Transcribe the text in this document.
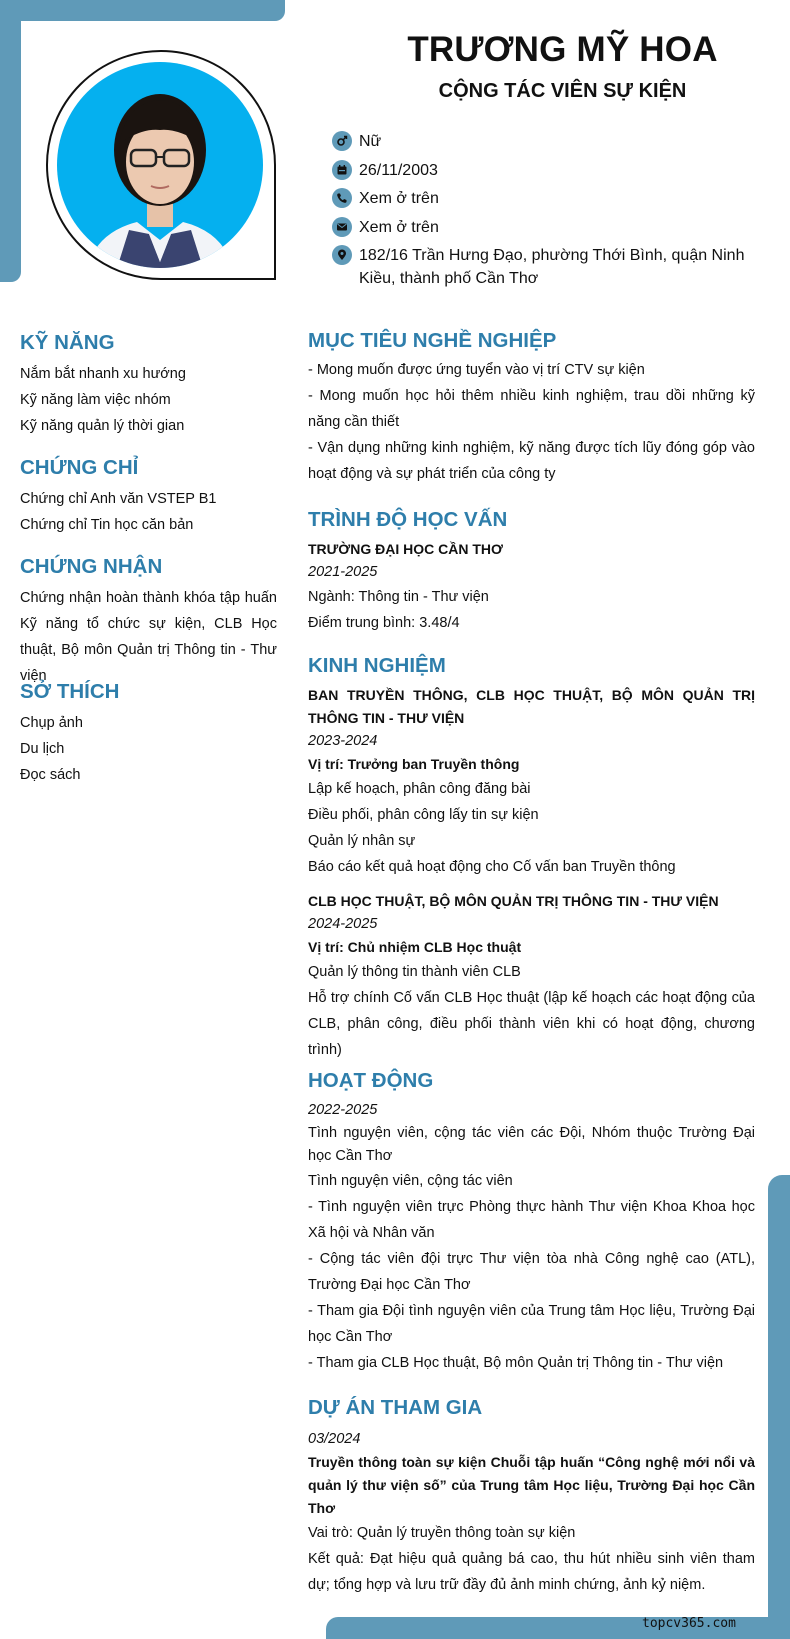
TRƯƠNG MỸ HOA
CỘNG TÁC VIÊN SỰ KIỆN
Nữ
26/11/2003
Xem ở trên
Xem ở trên
182/16 Trần Hưng Đạo, phường Thới Bình, quận Ninh Kiều, thành phố Cần Thơ
KỸ NĂNG
Nắm bắt nhanh xu hướng
Kỹ năng làm việc nhóm
Kỹ năng quản lý thời gian
CHỨNG CHỈ
Chứng chỉ Anh văn VSTEP B1
Chứng chỉ Tin học căn bản
CHỨNG NHẬN
Chứng nhận hoàn thành khóa tập huấn Kỹ năng tổ chức sự kiện, CLB Học thuật, Bộ môn Quản trị Thông tin - Thư viện
SỞ THÍCH
Chụp ảnh
Du lịch
Đọc sách
MỤC TIÊU NGHỀ NGHIỆP
- Mong muốn được ứng tuyển vào vị trí CTV sự kiện
- Mong muốn học hỏi thêm nhiều kinh nghiệm, trau dồi những kỹ năng cần thiết
- Vận dụng những kinh nghiệm, kỹ năng được tích lũy đóng góp vào hoạt động và sự phát triển của công ty
TRÌNH ĐỘ HỌC VẤN
TRƯỜNG ĐẠI HỌC CẦN THƠ
2021-2025
Ngành: Thông tin - Thư viện
Điểm trung bình: 3.48/4
KINH NGHIỆM
BAN TRUYỀN THÔNG, CLB HỌC THUẬT, BỘ MÔN QUẢN TRỊ THÔNG TIN - THƯ VIỆN
2023-2024
Vị trí: Trưởng ban Truyền thông
Lập kế hoạch, phân công đăng bài
Điều phối, phân công lấy tin sự kiện
Quản lý nhân sự
Báo cáo kết quả hoạt động cho Cố vấn ban Truyền thông
CLB HỌC THUẬT, BỘ MÔN QUẢN TRỊ THÔNG TIN - THƯ VIỆN
2024-2025
Vị trí: Chủ nhiệm CLB Học thuật
Quản lý thông tin thành viên CLB
Hỗ trợ chính Cố vấn CLB Học thuật (lập kế hoạch các hoạt động của CLB, phân công, điều phối thành viên khi có hoạt động, chương trình)
HOẠT ĐỘNG
2022-2025
Tình nguyện viên, cộng tác viên các Đội, Nhóm thuộc Trường Đại học Cần Thơ
Tình nguyện viên, cộng tác viên
- Tình nguyện viên trực Phòng thực hành Thư viện Khoa Khoa học Xã hội và Nhân văn
- Cộng tác viên đội trực Thư viện tòa nhà Công nghệ cao (ATL), Trường Đại học Cần Thơ
- Tham gia Đội tình nguyện viên của Trung tâm Học liệu, Trường Đại học Cần Thơ
- Tham gia CLB Học thuật, Bộ môn Quản trị Thông tin - Thư viện
DỰ ÁN THAM GIA
03/2024
Truyền thông toàn sự kiện Chuỗi tập huấn “Công nghệ mới nổi và quản lý thư viện số” của Trung tâm Học liệu, Trường Đại học Cần Thơ
Vai trò: Quản lý truyền thông toàn sự kiện
Kết quả: Đạt hiệu quả quảng bá cao, thu hút nhiều sinh viên tham dự; tổng hợp và lưu trữ đầy đủ ảnh minh chứng, ảnh kỷ niệm.
topcv365.com
